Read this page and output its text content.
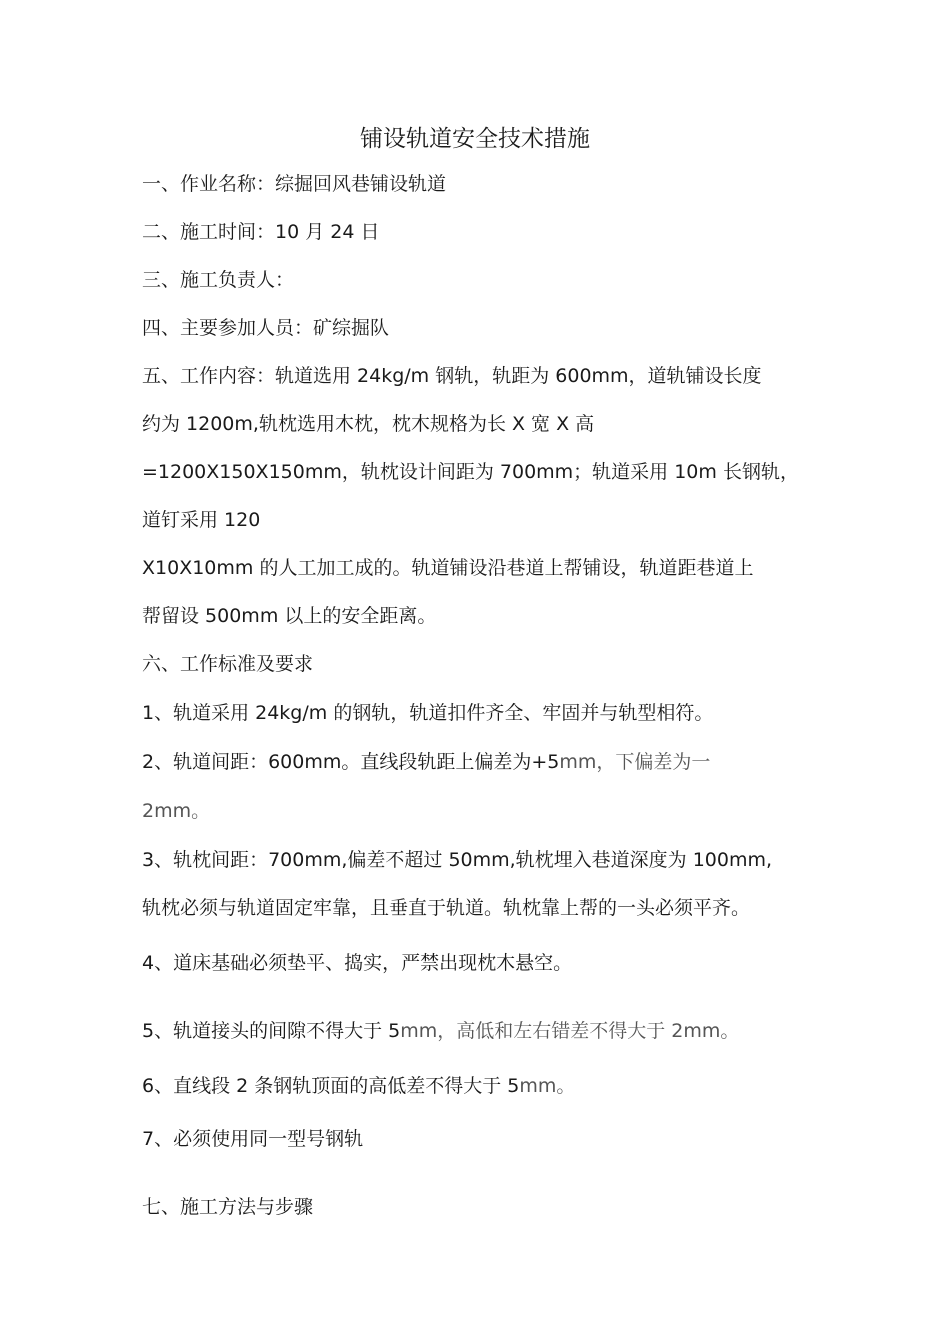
铺设轨道安全技术措施

一、作业名称：综掘回风巷铺设轨道

二、施工时间：10 月 24 日

三、施工负责人：

四、主要参加人员：矿综掘队

五、工作内容：轨道选用 24kg/m 钢轨，轨距为 600mm，道轨铺设长度

约为 1200m,轨枕选用木枕，枕木规格为长 X 宽 X 高

=1200X150X150mm，轨枕设计间距为 700mm；轨道采用 10m 长钢轨，

道钉采用 120

X10X10mm 的人工加工成的。轨道铺设沿巷道上帮铺设，轨道距巷道上

帮留设 500mm 以上的安全距离。

六、工作标准及要求

1、轨道采用 24kg/m 的钢轨，轨道扣件齐全、牢固并与轨型相符。

2、轨道间距：600mm。直线段轨距上偏差为+5mm，下偏差为一

2mm。

3、轨枕间距：700mm,偏差不超过 50mm,轨枕埋入巷道深度为 100mm,

轨枕必须与轨道固定牢靠，且垂直于轨道。轨枕靠上帮的一头必须平齐。

4、道床基础必须垫平、捣实，严禁出现枕木悬空。

5、轨道接头的间隙不得大于 5mm，高低和左右错差不得大于 2mm。

6、直线段 2 条钢轨顶面的高低差不得大于 5mm。

7、必须使用同一型号钢轨

七、施工方法与步骤
